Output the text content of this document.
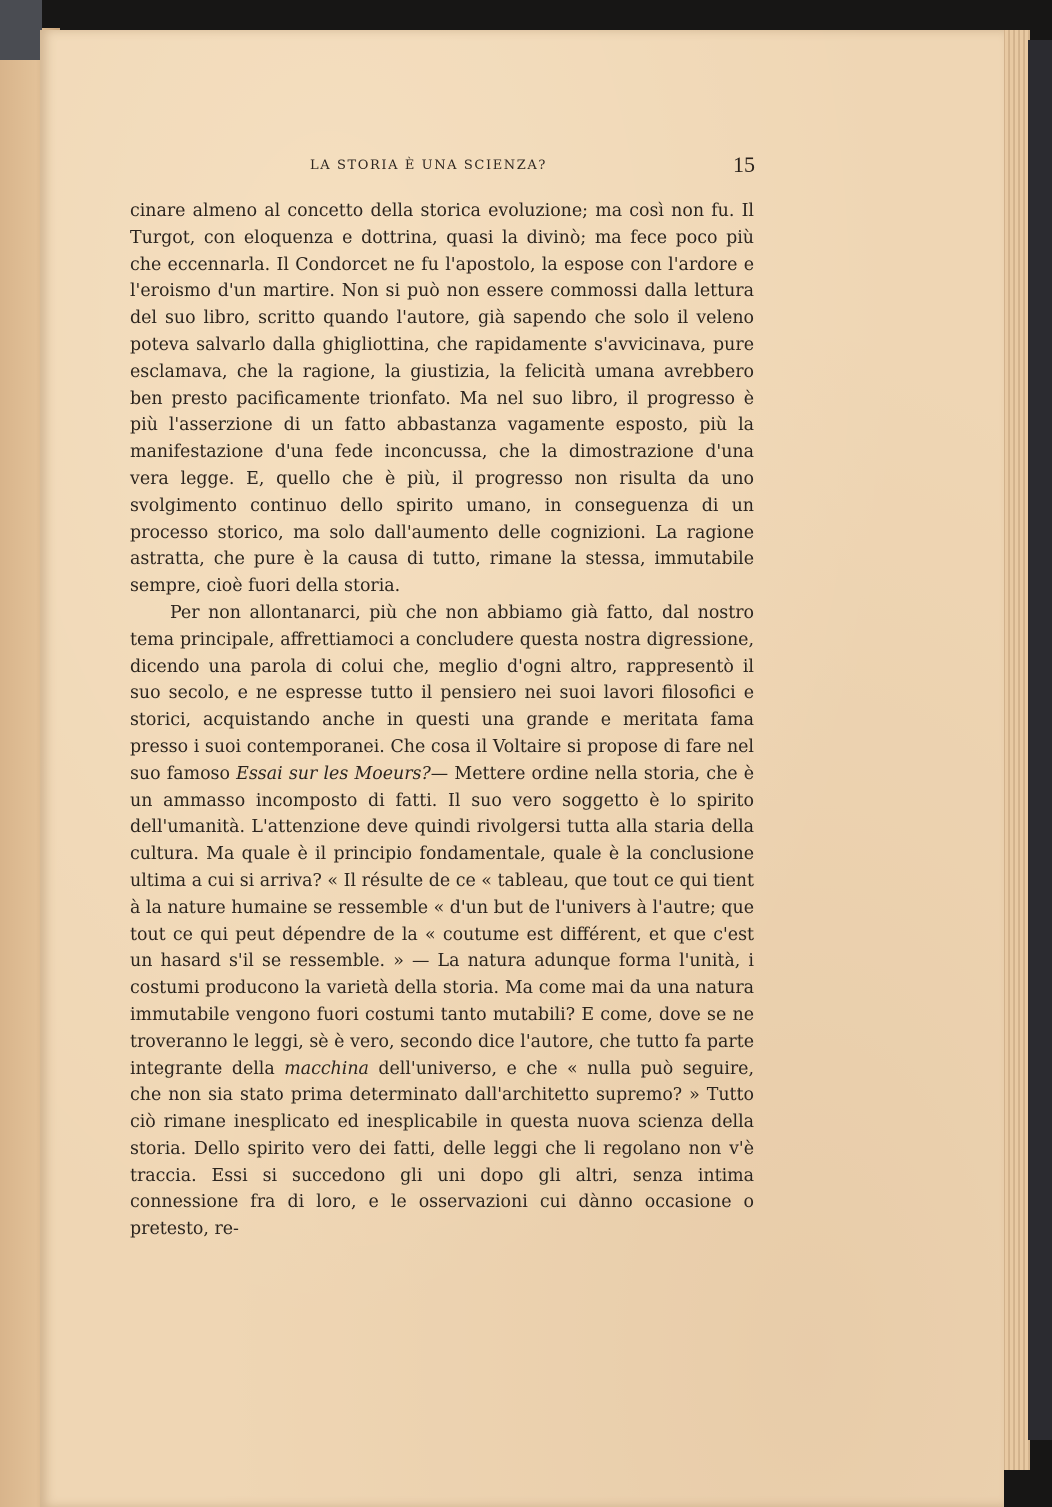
LA STORIA È UNA SCIENZA?	15

cinare almeno al concetto della storica evoluzione; ma così non fu. Il Turgot, con eloquenza e dottrina, quasi la divinò; ma fece poco più che eccennarla. Il Condorcet ne fu l'apostolo, la espose con l'ardore e l'eroismo d'un martire. Non si può non essere commossi dalla lettura del suo libro, scritto quando l'autore, già sapendo che solo il veleno poteva salvarlo dalla ghigliottina, che rapidamente s'avvicinava, pure esclamava, che la ragione, la giustizia, la felicità umana avrebbero ben presto pacificamente trionfato. Ma nel suo libro, il progresso è più l'asserzione di un fatto abbastanza vagamente esposto, più la manifestazione d'una fede inconcussa, che la dimostrazione d'una vera legge. E, quello che è più, il progresso non risulta da uno svolgimento continuo dello spirito umano, in conseguenza di un processo storico, ma solo dall'aumento delle cognizioni. La ragione astratta, che pure è la causa di tutto, rimane la stessa, immutabile sempre, cioè fuori della storia.

Per non allontanarci, più che non abbiamo già fatto, dal nostro tema principale, affrettiamoci a concludere questa nostra digressione, dicendo una parola di colui che, meglio d'ogni altro, rappresentò il suo secolo, e ne espresse tutto il pensiero nei suoi lavori filosofici e storici, acquistando anche in questi una grande e meritata fama presso i suoi contemporanei. Che cosa il Voltaire si propose di fare nel suo famoso Essai sur les Moeurs?— Mettere ordine nella storia, che è un ammasso incomposto di fatti. Il suo vero soggetto è lo spirito dell'umanità. L'attenzione deve quindi rivolgersi tutta alla staria della cultura. Ma quale è il principio fondamentale, quale è la conclusione ultima a cui si arriva? « Il résulte de ce « tableau, que tout ce qui tient à la nature humaine se ressemble « d'un but de l'univers à l'autre; que tout ce qui peut dépendre de la « coutume est différent, et que c'est un hasard s'il se ressemble. » — La natura adunque forma l'unità, i costumi producono la varietà della storia. Ma come mai da una natura immutabile vengono fuori costumi tanto mutabili? E come, dove se ne troveranno le leggi, sè è vero, secondo dice l'autore, che tutto fa parte integrante della macchina dell'universo, e che « nulla può seguire, che non sia stato prima determinato dall'architetto supremo? » Tutto ciò rimane inesplicato ed inesplicabile in questa nuova scienza della storia. Dello spirito vero dei fatti, delle leggi che li regolano non v'è traccia. Essi si succedono gli uni dopo gli altri, senza intima connessione fra di loro, e le osservazioni cui dànno occasione o pretesto, re-
